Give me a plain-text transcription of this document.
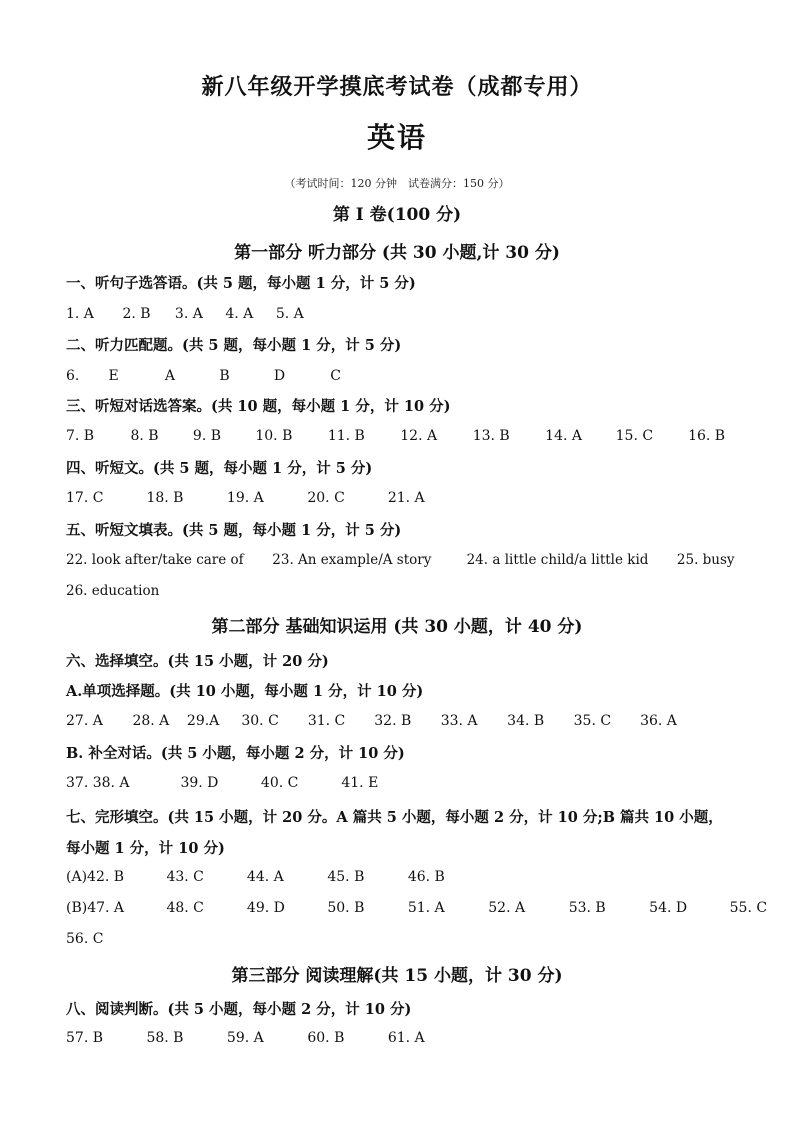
新八年级开学摸底考试卷（成都专用）
英语
（考试时间：120 分钟　试卷满分：150 分）
第 I 卷(100 分)
第一部分 听力部分 (共 30 小题,计 30 分)
一、听句子选答语。(共 5 题，每小题 1 分，计 5 分)
1. A 2. B 3. A 4. A 5. A
二、听力匹配题。(共 5 题，每小题 1 分，计 5 分)
6. E	A	B	D	C
三、听短对话选答案。(共 10 题，每小题 1 分，计 10 分)
7. B	8. B 9. B 10. B	11. B	12. A	13. B	14. A 15. C	16. B
四、听短文。(共 5 题，每小题 1 分，计 5 分)
17. C	18. B	19. A	20. C	21. A
五、听短文填表。(共 5 题，每小题 1 分，计 5 分)
22. look after/take care of 23. An example/A story	24. a little child/a little kid 25. busy
26. education
第二部分 基础知识运用 (共 30 小题，计 40 分)
六、选择填空。(共 15 小题，计 20 分)
A.单项选择题。(共 10 小题，每小题 1 分，计 10 分)
27. A 28. A 29.A 30. C 31. C 32. B 33. A 34. B 35. C 36. A
B. 补全对话。(共 5 小题，每小题 2 分，计 10 分)
37. 38. A	39. D	40. C	41. E
七、完形填空。(共 15 小题，计 20 分。A 篇共 5 小题，每小题 2 分，计 10 分;B 篇共 10 小题，
每小题 1 分，计 10 分)
(A)42. B	43. C	44. A	45. B	46. B
(B)47. A	48. C	49. D	50. B	51. A	52. A	53. B	54. D	55. C
56. C
第三部分 阅读理解(共 15 小题，计 30 分)
八、阅读判断。(共 5 小题，每小题 2 分，计 10 分)
57. B	58. B	59. A	60. B	61. A
